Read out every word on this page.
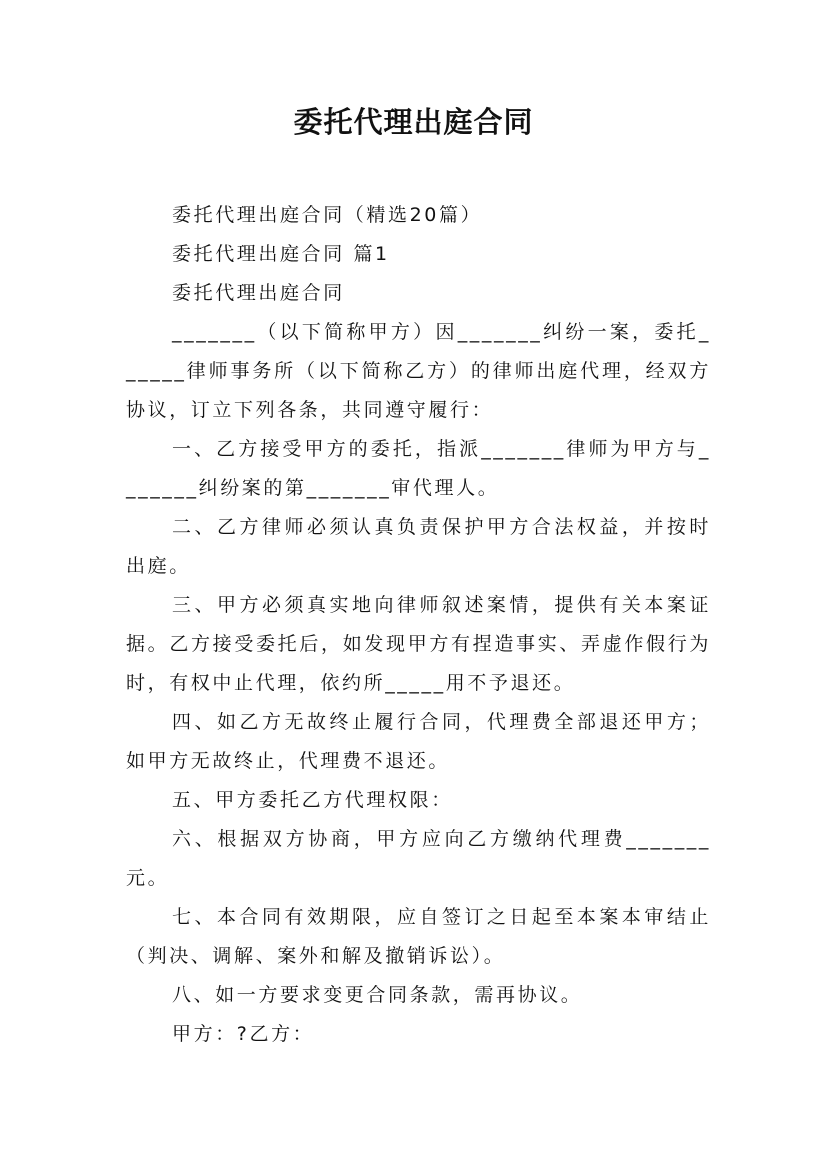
委托代理出庭合同

委托代理出庭合同（精选20篇）

委托代理出庭合同 篇1

委托代理出庭合同

_______（以下简称甲方）因_______纠纷一案，委托______律师事务所（以下简称乙方）的律师出庭代理，经双方协议，订立下列各条，共同遵守履行：

一、乙方接受甲方的委托，指派_______律师为甲方与_______纠纷案的第_______审代理人。

二、乙方律师必须认真负责保护甲方合法权益，并按时出庭。

三、甲方必须真实地向律师叙述案情，提供有关本案证据。乙方接受委托后，如发现甲方有捏造事实、弄虚作假行为时，有权中止代理，依约所_____用不予退还。

四、如乙方无故终止履行合同，代理费全部退还甲方；如甲方无故终止，代理费不退还。

五、甲方委托乙方代理权限：

六、根据双方协商，甲方应向乙方缴纳代理费_______元。

七、本合同有效期限，应自签订之日起至本案本审结止（判决、调解、案外和解及撤销诉讼）。

八、如一方要求变更合同条款，需再协议。

甲方：?乙方：
